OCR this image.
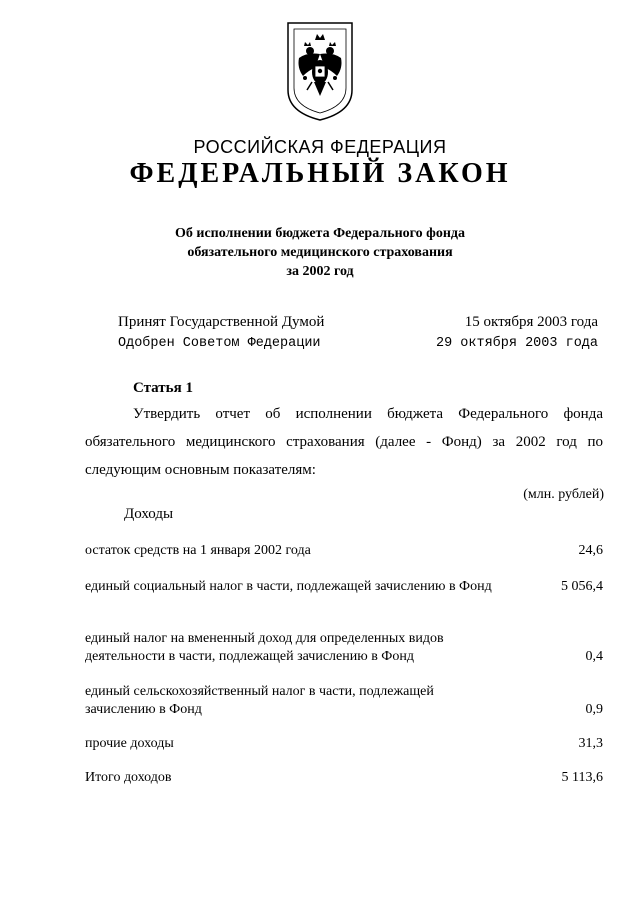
РОССИЙСКАЯ ФЕДЕРАЦИЯ
ФЕДЕРАЛЬНЫЙ ЗАКОН
Об исполнении бюджета Федерального фонда
обязательного медицинского страхования
за 2002 год
Принят Государственной Думой	15 октября 2003 года
Одобрен Советом Федерации	29 октября 2003 года
Статья 1

Утвердить отчет об исполнении бюджета Федерального фонда обязательного медицинского страхования (далее - Фонд) за 2002 год по следующим основным показателям:

(млн. рублей)
Доходы
остаток средств на 1 января 2002 года	24,6
единый социальный налог в части, подлежащей зачислению в Фонд	5 056,4
единый налог на вмененный доход для определенных видов деятельности в части, подлежащей зачислению в Фонд	0,4
единый сельскохозяйственный налог в части, подлежащей зачислению в Фонд	0,9
прочие доходы	31,3
Итого доходов	5 113,6
